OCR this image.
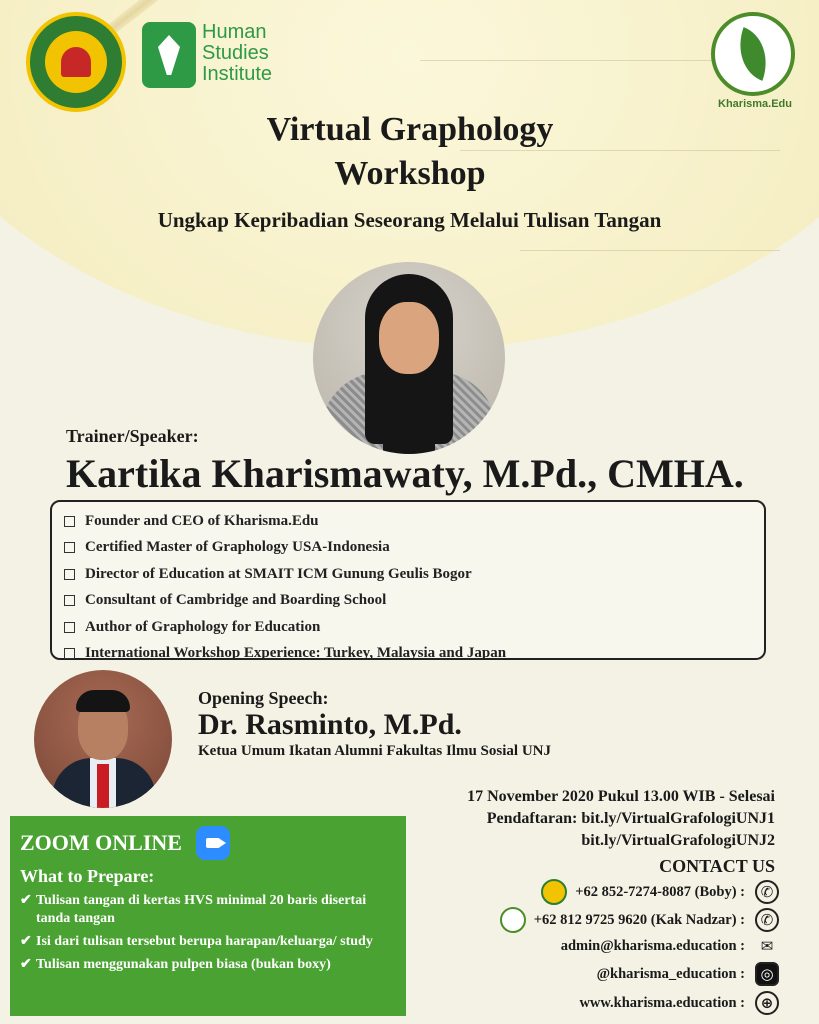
Human
Studies
Institute
Kharisma.Edu
Virtual Graphology
Workshop
Ungkap Kepribadian Seseorang Melalui Tulisan Tangan
Trainer/Speaker:
Kartika Kharismawaty, M.Pd., CMHA.
Founder and CEO of Kharisma.Edu
Certified Master of Graphology USA-Indonesia
Director of Education at SMAIT ICM Gunung Geulis Bogor
Consultant of Cambridge and Boarding School
Author of Graphology for Education
International Workshop Experience: Turkey, Malaysia and Japan
Opening Speech:
Dr. Rasminto, M.Pd.
Ketua Umum Ikatan Alumni Fakultas Ilmu Sosial UNJ
17 November 2020 Pukul 13.00 WIB - Selesai
Pendaftaran: bit.ly/VirtualGrafologiUNJ1
bit.ly/VirtualGrafologiUNJ2
ZOOM ONLINE
What to Prepare:
✔ Tulisan tangan di kertas HVS minimal 20 baris disertai tanda tangan
✔ Isi dari tulisan tersebut berupa harapan/keluarga/ study
✔ Tulisan menggunakan pulpen biasa (bukan boxy)
CONTACT US
+62 852-7274-8087 (Boby) :	✆
+62 812 9725 9620 (Kak Nadzar) :	✆
admin@kharisma.education :	✉
@kharisma_education :	◎
www.kharisma.education :	⊕
